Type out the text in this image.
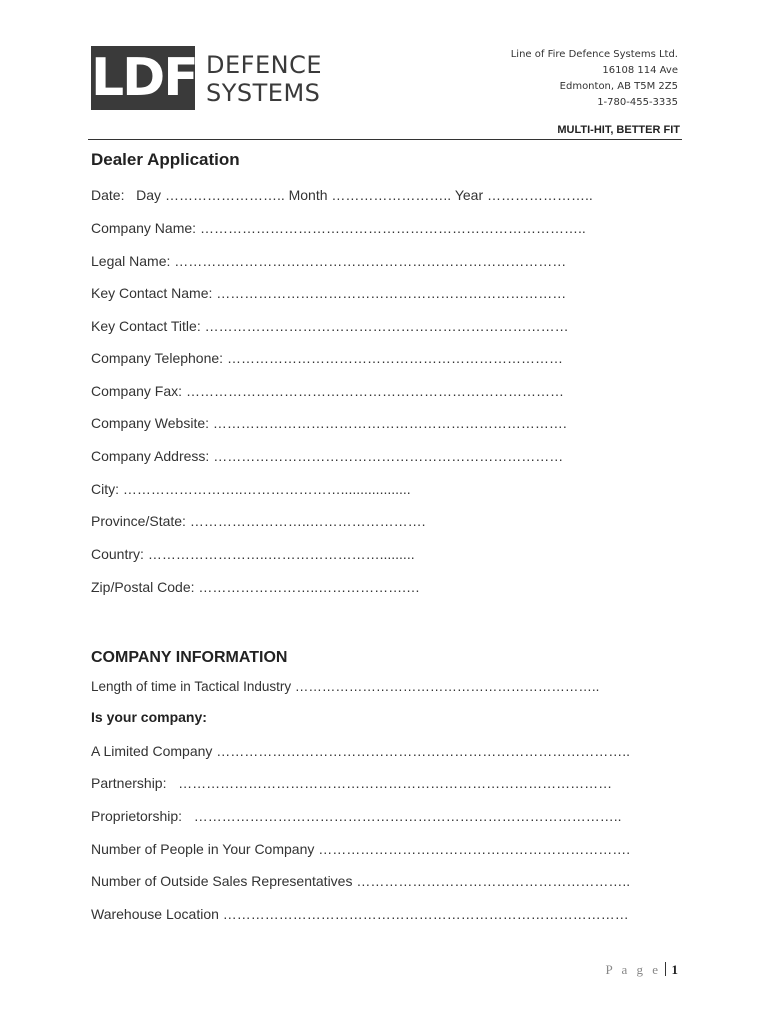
LDF DEFENCE
SYSTEMS
Line of Fire Defence Systems Ltd.
16108 114 Ave
Edmonton, AB T5M 2Z5
1-780-455-3335
MULTI-HIT, BETTER FIT
Dealer Application
Date: Day …………………….. Month …………………….. Year …………………..
Company Name: ………………………………………………………………………..
Legal Name: …………………………………………………………………………
Key Contact Name: …………………………………………………………………
Key Contact Title: ……………………………………………………………………
Company Telephone: ………………………………………………………………
Company Fax: ………………………………………………………………………
Company Website: ………………………………………………………………….
Company Address: …………………………………………………………………
City: ……………………..…………………..................
Province/State: ……………………..…………………….
Country: ……………………..…………………….........
Zip/Postal Code: ……………………..……………….…
COMPANY INFORMATION
Length of time in Tactical Industry …………………………………………………………..
Is your company:
A Limited Company ……………………………………………………………………………..
Partnership: …………………………………………………………………………………
Proprietorship: ………………………………………………………………………………..
Number of People in Your Company ………………………………………………………….
Number of Outside Sales Representatives …………………………………………………..
Warehouse Location ……………………………………………………………………………
P a g e 1
